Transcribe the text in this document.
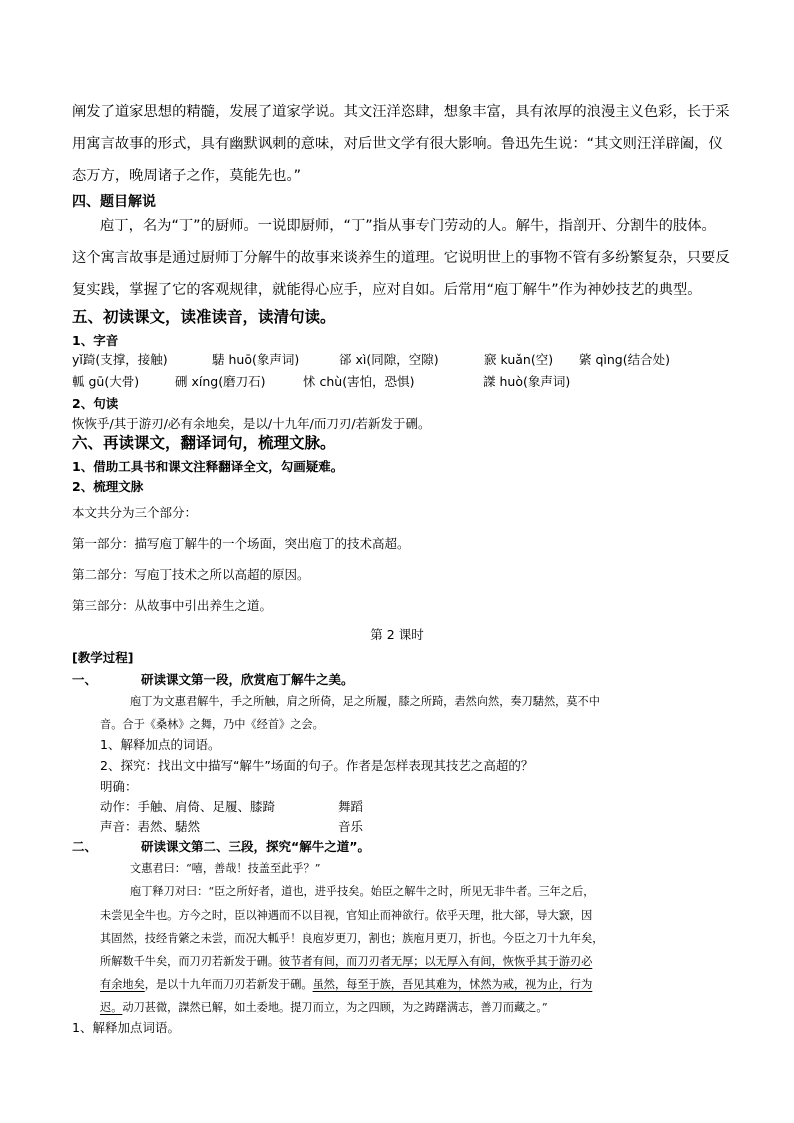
阐发了道家思想的精髓，发展了道家学说。其文汪洋恣肆，想象丰富，具有浓厚的浪漫主义色彩，长于采
用寓言故事的形式，具有幽默讽刺的意味，对后世文学有很大影响。鲁迅先生说：“其文则汪洋辟阖，仪
态万方，晚周诸子之作，莫能先也。”
四、题目解说
庖丁，名为“丁”的厨师。一说即厨师，“丁”指从事专门劳动的人。解牛，指剖开、分割牛的肢体。
这个寓言故事是通过厨师丁分解牛的故事来谈养生的道理。它说明世上的事物不管有多纷繁复杂，只要反
复实践，掌握了它的客观规律，就能得心应手，应对自如。后常用“庖丁解牛”作为神妙技艺的典型。
五、初读课文，读准读音，读清句读。
1、字音
yǐ踦(支撑，接触)	騞 huō(象声词)	郤 xì(同隙，空隙)	窾 kuǎn(空) 綮 qìng(结合处)
軱 gū(大骨)	硎 xíng(磨刀石)	怵 chù(害怕，恐惧)	謋 huò(象声词)
2、句读
恢恢乎/其于游刃/必有余地矣，是以/十九年/而刀刃/若新发于硎。
六、再读课文，翻译词句，梳理文脉。
1、借助工具书和课文注释翻译全文，勾画疑难。
2、梳理文脉
本文共分为三个部分：
第一部分：描写庖丁解牛的一个场面，突出庖丁的技术高超。
第二部分：写庖丁技术之所以高超的原因。
第三部分：从故事中引出养生之道。
第 2 课时
[教学过程]
一、	研读课文第一段，欣赏庖丁解牛之美。
庖丁为文惠君解牛，手之所触，肩之所倚，足之所履，膝之所踦，砉然向然，奏刀騞然，莫不中
音。合于《桑林》之舞，乃中《经首》之会。
1、解释加点的词语。
2、探究：找出文中描写“解牛”场面的句子。作者是怎样表现其技艺之高超的？
明确：
动作：手触、肩倚、足履、膝踦	舞蹈
声音：砉然、騞然	音乐
二、	研读课文第二、三段，探究“解牛之道”。
文惠君曰：“嘻，善哉！技盖至此乎？”
庖丁释刀对曰：“臣之所好者，道也，进乎技矣。始臣之解牛之时，所见无非牛者。三年之后，
未尝见全牛也。方今之时，臣以神遇而不以目视，官知止而神欲行。依乎天理，批大郤，导大窾，因
其固然，技经肯綮之未尝，而况大軱乎！良庖岁更刀，割也；族庖月更刀，折也。今臣之刀十九年矣，
所解数千牛矣，而刀刃若新发于硎。彼节者有间，而刀刃者无厚；以无厚入有间，恢恢乎其于游刃必
有余地矣，是以十九年而刀刃若新发于硎。虽然，每至于族，吾见其难为，怵然为戒，视为止，行为
迟。动刀甚微，謋然已解，如土委地。提刀而立，为之四顾，为之踌躇满志，善刀而藏之。”
1、解释加点词语。
